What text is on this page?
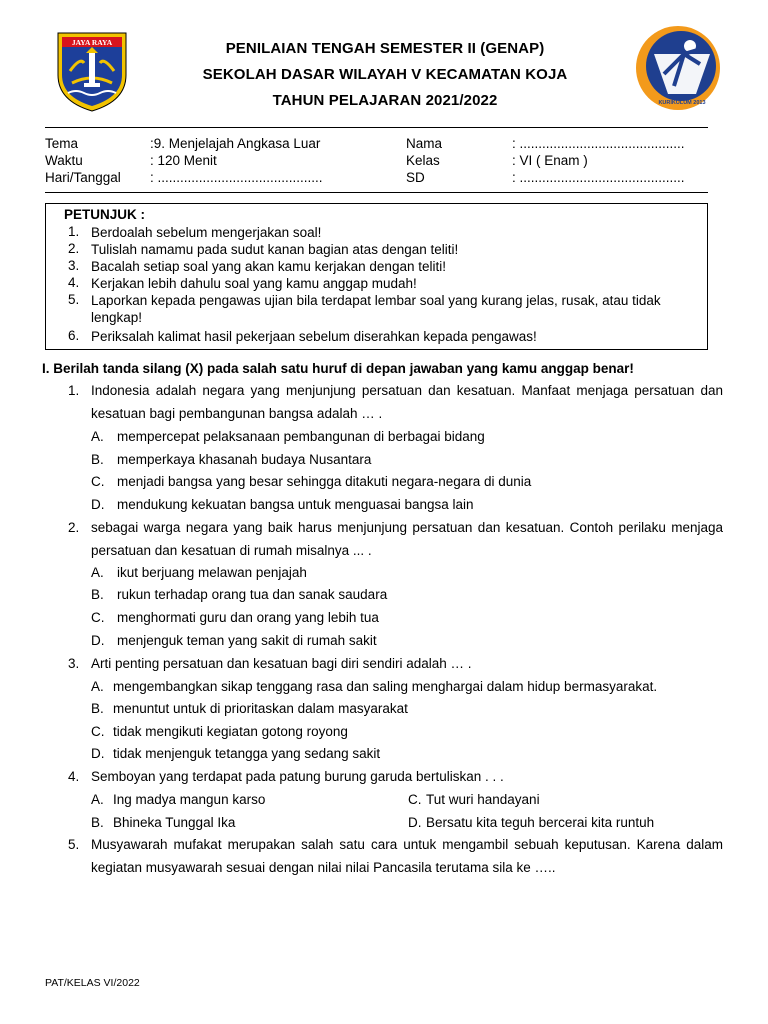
JAYA RAYA	PENILAIAN TENGAH SEMESTER II (GENAP)
SEKOLAH DASAR WILAYAH V KECAMATAN KOJA
TAHUN PELAJARAN 2021/2022	KURIKULUM 2013
Tema	:9. Menjelajah Angkasa Luar
Waktu	: 120 Menit
Hari/Tanggal : ............................................
Nama	: ............................................
Kelas	: VI ( Enam )
SD	: ............................................
PETUNJUK :
1. Berdoalah sebelum mengerjakan soal!
2. Tulislah namamu pada sudut kanan bagian atas dengan teliti!
3. Bacalah setiap soal yang akan kamu kerjakan dengan teliti!
4. Kerjakan lebih dahulu soal yang kamu anggap mudah!
5. Laporkan kepada pengawas ujian bila terdapat lembar soal yang kurang jelas, rusak, atau tidak lengkap!
6. Periksalah kalimat hasil pekerjaan sebelum diserahkan kepada pengawas!
I. Berilah tanda silang (X) pada salah satu huruf di depan jawaban yang kamu anggap benar!
1. Indonesia adalah negara yang menjunjung persatuan dan kesatuan. Manfaat menjaga persatuan dan kesatuan bagi pembangunan bangsa adalah … .
A. mempercepat pelaksanaan pembangunan di berbagai bidang
B. memperkaya khasanah budaya Nusantara
C. menjadi bangsa yang besar sehingga ditakuti negara-negara di dunia
D. mendukung kekuatan bangsa untuk menguasai bangsa lain
2. sebagai warga negara yang baik harus menjunjung persatuan dan kesatuan. Contoh perilaku menjaga persatuan dan kesatuan di rumah misalnya ... .
A. ikut berjuang melawan penjajah
B. rukun terhadap orang tua dan sanak saudara
C. menghormati guru dan orang yang lebih tua
D. menjenguk teman yang sakit di rumah sakit
3. Arti penting persatuan dan kesatuan bagi diri sendiri adalah … .
A. mengembangkan sikap tenggang rasa dan saling menghargai dalam hidup bermasyarakat.
B. menuntut untuk di prioritaskan dalam masyarakat
C. tidak mengikuti kegiatan gotong royong
D. tidak menjenguk tetangga yang sedang sakit
4. Semboyan yang terdapat pada patung burung garuda bertuliskan . . .
A. Ing madya mangun karso
B. Bhineka Tunggal Ika
C. Tut wuri handayani
D. Bersatu kita teguh bercerai kita runtuh
5. Musyawarah mufakat merupakan salah satu cara untuk mengambil sebuah keputusan. Karena dalam kegiatan musyawarah sesuai dengan nilai nilai Pancasila terutama sila ke …..
PAT/KELAS VI/2022
